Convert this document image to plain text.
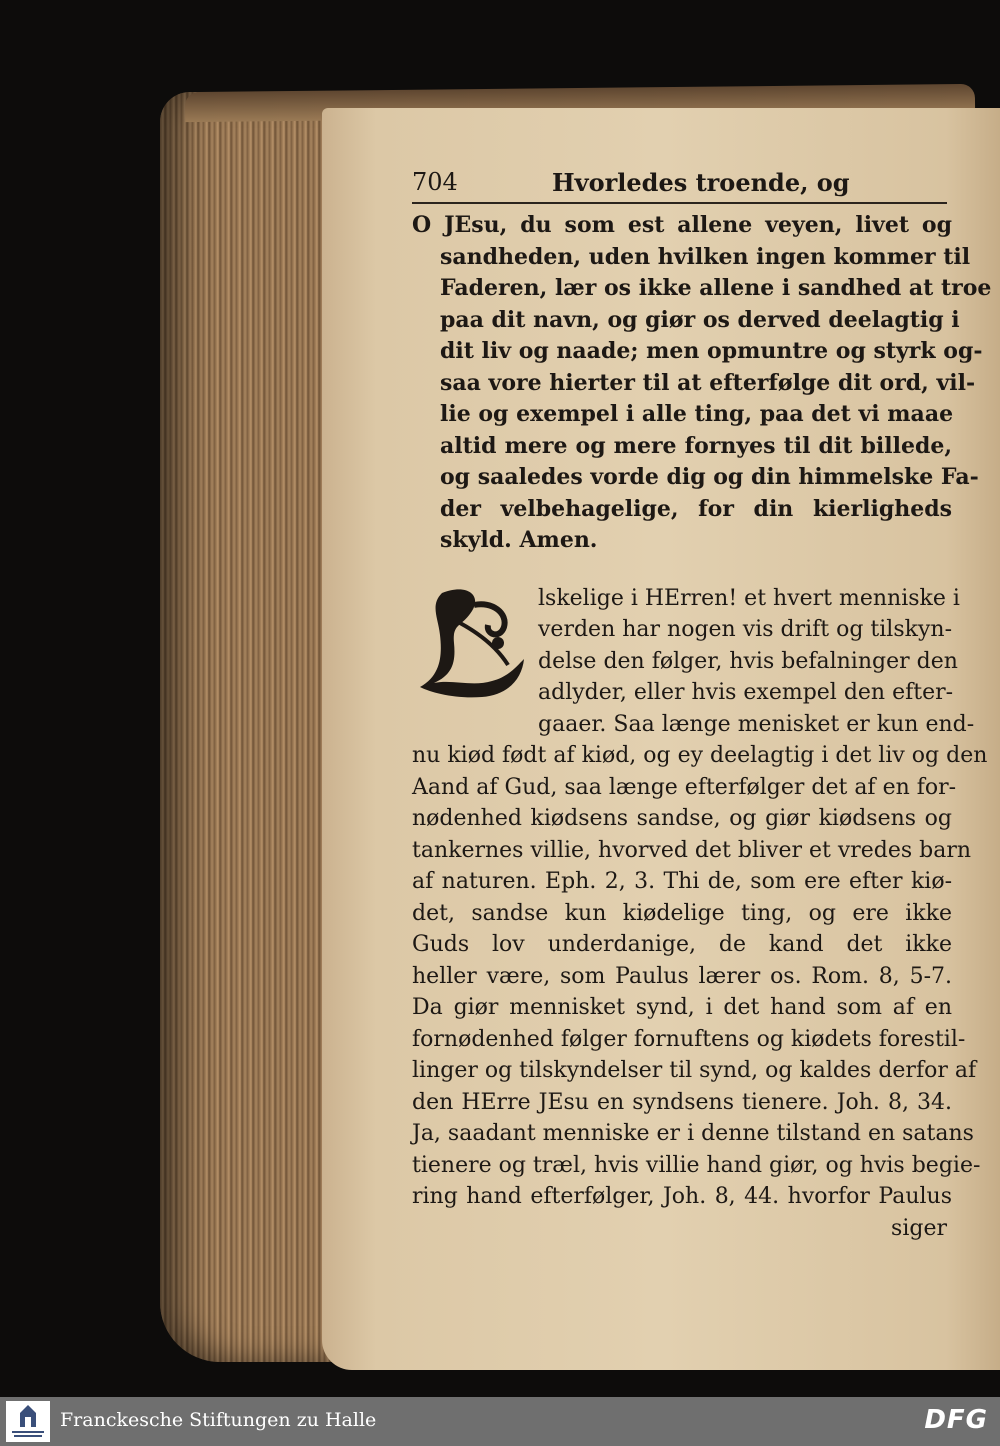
704	Hvorledes troende, og
O JEsu, du som est allene veyen, livet og
sandheden, uden hvilken ingen kommer til
Faderen, lær os ikke allene i sandhed at troe
paa dit navn, og giør os derved deelagtig i
dit liv og naade; men opmuntre og styrk og-
saa vore hierter til at efterfølge dit ord, vil-
lie og exempel i alle ting, paa det vi maae
altid mere og mere fornyes til dit billede,
og saaledes vorde dig og din himmelske Fa-
der velbehagelige, for din kierligheds
skyld. Amen.
lskelige i HErren! et hvert menniske i
verden har nogen vis drift og tilskyn-
delse den følger, hvis befalninger den
adlyder, eller hvis exempel den efter-
gaaer. Saa længe menisket er kun end-
nu kiød født af kiød, og ey deelagtig i det liv og den
Aand af Gud, saa længe efterfølger det af en for-
nødenhed kiødsens sandse, og giør kiødsens og
tankernes villie, hvorved det bliver et vredes barn
af naturen. Eph. 2, 3. Thi de, som ere efter kiø-
det, sandse kun kiødelige ting, og ere ikke
Guds lov underdanige, de kand det ikke
heller være, som Paulus lærer os. Rom. 8, 5-7.
Da giør mennisket synd, i det hand som af en
fornødenhed følger fornuftens og kiødets forestil-
linger og tilskyndelser til synd, og kaldes derfor af
den HErre JEsu en syndsens tienere. Joh. 8, 34.
Ja, saadant menniske er i denne tilstand en satans
tienere og træl, hvis villie hand giør, og hvis begie-
ring hand efterfølger, Joh. 8, 44. hvorfor Paulus
siger
Franckesche Stiftungen zu Halle	DFG
